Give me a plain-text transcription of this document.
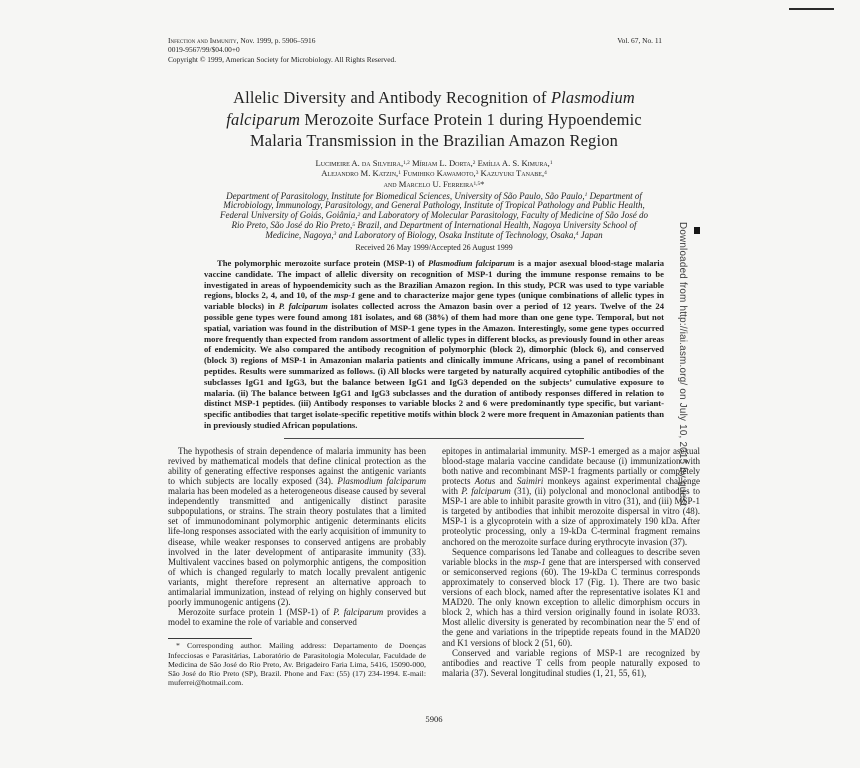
Infection and Immunity, Nov. 1999, p. 5906–5916
0019-9567/99/$04.00+0
Copyright © 1999, American Society for Microbiology. All Rights Reserved.
Vol. 67, No. 11
Allelic Diversity and Antibody Recognition of Plasmodium
falciparum Merozoite Surface Protein 1 during Hypoendemic
Malaria Transmission in the Brazilian Amazon Region
Lucimeire A. da Silveira,$^{1,2}$ Míriam L. Dorta,$^2$ Emília A. S. Kimura,$^1$
Alejandro M. Katzin,$^1$ Fumihiko Kawamoto,$^3$ Kazuyuki Tanabe,$^4$
and Marcelo U. Ferreira$^{1,5}$*
Department of Parasitology, Institute for Biomedical Sciences, University of São Paulo, São Paulo,$^1$ Department of
Microbiology, Immunology, Parasitology, and General Pathology, Institute of Tropical Pathology and Public Health,
Federal University of Goiás, Goiânia,$^2$ and Laboratory of Molecular Parasitology, Faculty of Medicine of São José do
Rio Preto, São José do Rio Preto,$^5$ Brazil, and Department of International Health, Nagoya University School of
Medicine, Nagoya,$^3$ and Laboratory of Biology, Osaka Institute of Technology, Osaka,$^4$ Japan
Received 26 May 1999/Accepted 26 August 1999

The polymorphic merozoite surface protein (MSP-1) of Plasmodium falciparum is a major asexual blood-stage malaria vaccine candidate. The impact of allelic diversity on recognition of MSP-1 during the immune response remains to be investigated in areas of hypoendemicity such as the Brazilian Amazon region. In this study, PCR was used to type variable regions, blocks 2, 4, and 10, of the msp-1 gene and to characterize major gene types (unique combinations of allelic types in variable blocks) in P. falciparum isolates collected across the Amazon basin over a period of 12 years. Twelve of the 24 possible gene types were found among 181 isolates, and 68 (38%) of them had more than one gene type. Temporal, but not spatial, variation was found in the distribution of MSP-1 gene types in the Amazon. Interestingly, some gene types occurred more frequently than expected from random assortment of allelic types in different blocks, as previously found in other areas of endemicity. We also compared the antibody recognition of polymorphic (block 2), dimorphic (block 6), and conserved (block 3) regions of MSP-1 in Amazonian malaria patients and clinically immune Africans, using a panel of recombinant peptides. Results were summarized as follows. (i) All blocks were targeted by naturally acquired cytophilic antibodies of the subclasses IgG1 and IgG3, but the balance between IgG1 and IgG3 depended on the subjects’ cumulative exposure to malaria. (ii) The balance between IgG1 and IgG3 subclasses and the duration of antibody responses differed in relation to distinct MSP-1 peptides. (iii) Antibody responses to variable blocks 2 and 6 were predominantly type specific, but variant-specific antibodies that target isolate-specific repetitive motifs within block 2 were more frequent in Amazonian patients than in previously studied African populations.

The hypothesis of strain dependence of malaria immunity has been revived by mathematical models that define clinical protection as the ability of generating effective responses against the antigenic variants to which subjects are locally exposed (34). Plasmodium falciparum malaria has been modeled as a heterogeneous disease caused by several independently transmitted and antigenically distinct parasite subpopulations, or strains. The strain theory postulates that a limited set of immunodominant polymorphic antigenic determinants elicits life-long responses associated with the early acquisition of immunity to disease, while weaker responses to conserved antigens are probably involved in the later development of antiparasite immunity (33). Multivalent vaccines based on polymorphic antigens, the composition of which is changed regularly to match locally prevalent antigenic variants, might therefore represent an alternative approach to antimalarial immunization, instead of relying on highly conserved but poorly immunogenic antigens (2).

Merozoite surface protein 1 (MSP-1) of P. falciparum provides a model to examine the role of variable and conserved

* Corresponding author. Mailing address: Departamento de Doenças Infecciosas e Parasitárias, Laboratório de Parasitologia Molecular, Faculdade de Medicina de São José do Rio Preto, Av. Brigadeiro Faria Lima, 5416, 15090-000, São José do Rio Preto (SP), Brazil. Phone and Fax: (55) (17) 234-1994. E-mail: muferrei@hotmail.com.

epitopes in antimalarial immunity. MSP-1 emerged as a major asexual blood-stage malaria vaccine candidate because (i) immunization with both native and recombinant MSP-1 fragments partially or completely protects Aotus and Saimiri monkeys against experimental challenge with P. falciparum (31), (ii) polyclonal and monoclonal antibodies to MSP-1 are able to inhibit parasite growth in vitro (31), and (iii) MSP-1 is targeted by antibodies that inhibit merozoite dispersal in vitro (48). MSP-1 is a glycoprotein with a size of approximately 190 kDa. After proteolytic processing, only a 19-kDa C-terminal fragment remains anchored on the merozoite surface during erythrocyte invasion (37).

Sequence comparisons led Tanabe and colleagues to describe seven variable blocks in the msp-1 gene that are interspersed with conserved or semiconserved regions (60). The 19-kDa C terminus corresponds approximately to conserved block 17 (Fig. 1). There are two basic versions of each block, named after the representative isolates K1 and MAD20. The only known exception to allelic dimorphism occurs in block 2, which has a third version originally found in isolate RO33. Most allelic diversity is generated by recombination near the 5' end of the gene and variations in the tripeptide repeats found in the MAD20 and K1 versions of block 2 (51, 60).

Conserved and variable regions of MSP-1 are recognized by antibodies and reactive T cells from people naturally exposed to malaria (37). Several longitudinal studies (1, 21, 55, 61),

5906
Downloaded from http://iai.asm.org/ on July 10, 2015 by guest
